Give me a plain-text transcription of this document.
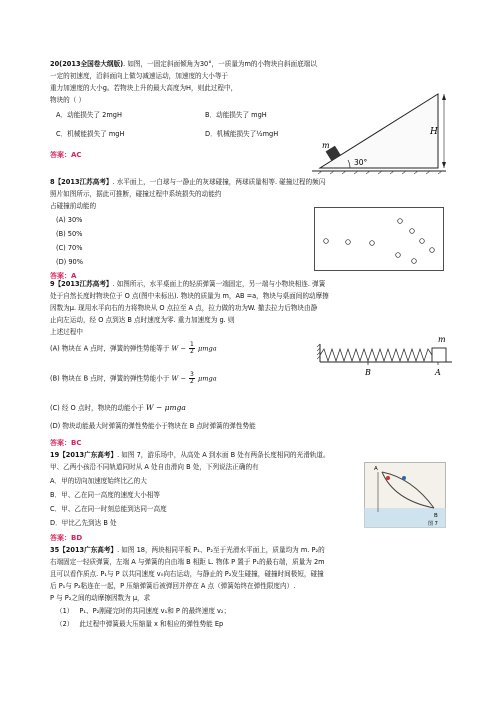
20(2013全国卷大纲版). 如图，一固定斜面倾角为30°，一质量为m的小物块自斜面底端以
一定的初速度，沿斜面向上做匀减速运动，加速度的大小等于
重力加速度的大小g。若物块上升的最大高度为H，则此过程中，
物块的（ ）
A．动能损失了 2mgH	B．动能损失了 mgH
C．机械能损失了 mgH	D．机械能损失了½mgH
答案：AC
m
H
30°
8【2013江苏高考】. 水平面上，一白球与一静止的灰球碰撞，两球质量相等. 碰撞过程的频闪
照片如图所示，据此可推断，碰撞过程中系统损失的动能约
占碰撞前动能的
(A) 30%
(B) 50%
(C) 70%
(D) 90%
答案：A
9【2013江苏高考】. 如图所示，水平桌面上的轻质弹簧一端固定，另一端与小物块相连. 弹簧
处于自然长度时物块位于 O 点(图中未标出). 物块的质量为 m，AB =a，物块与桌面间的动摩擦
因数为μ. 现用水平向右的力将物块从 O 点拉至 A 点，拉力做的功为W. 撤去拉力后物块由静
止向左运动，经 O 点到达 B 点时速度为零. 重力加速度为 g. 则
上述过程中
(A) 物块在 A 点时，弹簧的弹性势能等于 $W - \frac{1}{2}$ μmga
(B) 物块在 B 点时，弹簧的弹性势能小于 $W - \frac{3}{2}$ μmga
(C) 经 O 点时，物块的动能小于 W − μmga
(D) 物块动能最大时弹簧的弹性势能小于物块在 B 点时弹簧的弹性势能
答案：BC
m
B	A
19【2013广东高考】. 如图 7，游乐场中，从高处 A 到水面 B 处有两条长度相同的光滑轨道。
甲、乙两小孩沿不同轨道同时从 A 处自由滑向 B 处，下列说法正确的有
A．甲的切向加速度始终比乙的大
B．甲、乙在同一高度的速度大小相等
C．甲、乙在同一时刻总能到达同一高度
D．甲比乙先到达 B 处
答案：BD
A
B
图 7
35【2013广东高考】. 如图 18，两块相同平板 P₁、P₂至于光滑水平面上，质量均为 m. P₂的
右端固定一轻质弹簧，左端 A 与弹簧的自由端 B 相距 L. 物体 P 置于 P₁的最右端，质量为 2m
且可以看作质点. P₁与 P 以共同速度 v₀向右运动，与静止的 P₂发生碰撞，碰撞时间极短，碰撞
后 P₁与 P₂粘连在一起，P 压缩弹簧后被弹回并停在 A 点（弹簧始终在弹性限度内）.
P 与 P₂之间的动摩擦因数为 μ，求
（1） P₁、P₂刚碰完时的共同速度 v₁和 P 的最终速度 v₂；
（2） 此过程中弹簧最大压缩量 x 和相应的弹性势能 Ep
